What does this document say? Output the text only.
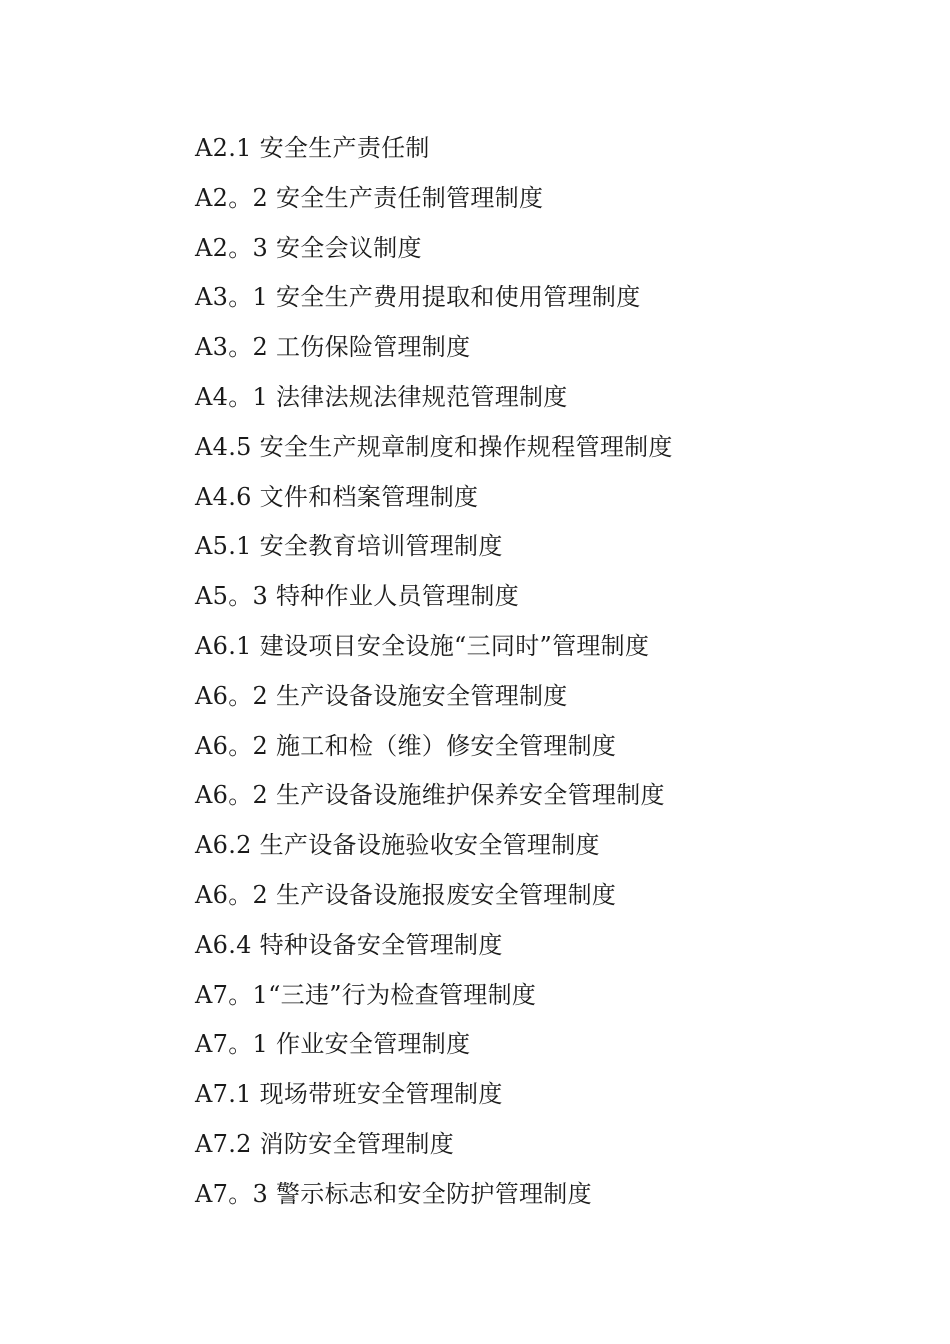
A2.1 安全生产责任制
A2。2 安全生产责任制管理制度
A2。3 安全会议制度
A3。1 安全生产费用提取和使用管理制度
A3。2 工伤保险管理制度
A4。1 法律法规法律规范管理制度
A4.5 安全生产规章制度和操作规程管理制度
A4.6 文件和档案管理制度
A5.1 安全教育培训管理制度
A5。3 特种作业人员管理制度
A6.1 建设项目安全设施“三同时”管理制度
A6。2 生产设备设施安全管理制度
A6。2 施工和检（维）修安全管理制度
A6。2 生产设备设施维护保养安全管理制度
A6.2 生产设备设施验收安全管理制度
A6。2 生产设备设施报废安全管理制度
A6.4 特种设备安全管理制度
A7。1“三违”行为检查管理制度
A7。1 作业安全管理制度
A7.1 现场带班安全管理制度
A7.2 消防安全管理制度
A7。3 警示标志和安全防护管理制度
